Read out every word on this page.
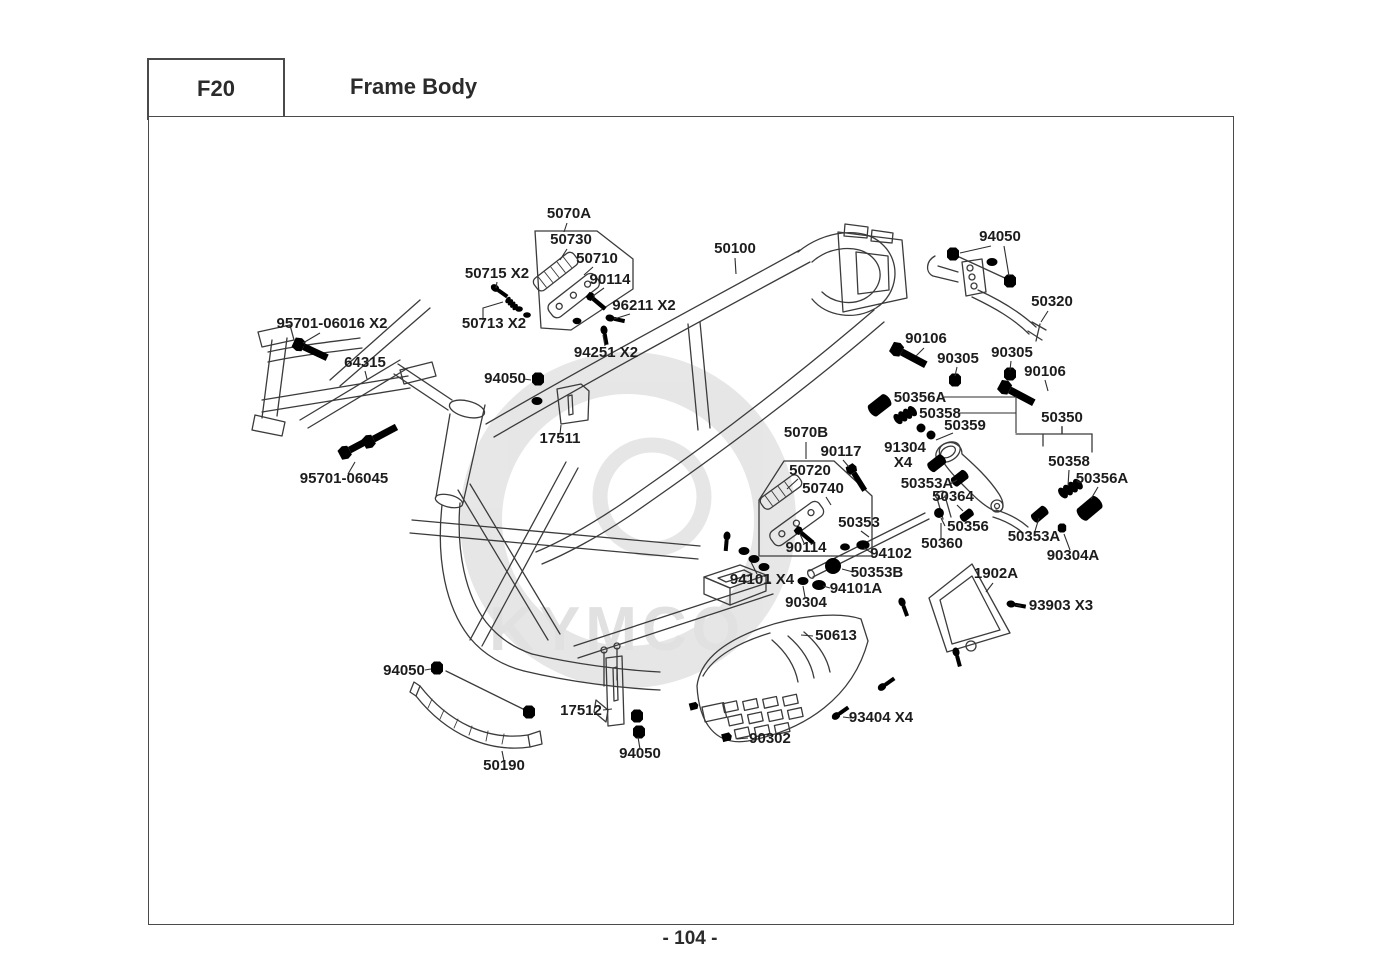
F20	Frame Body
KYMCO
5070A
50730
50710
90114
50715 X2
50713 X2
96211 X2
94251 X2
50100
94050
50320
90106
90305 90305
90106
95701-06016 X2
64315
94050
17511
95701-06045
50356A
50358
50359	50350
91304
X4
5070B
90117
50720
50740	50353A
50364
50358
50356A
50353	50356
50360	50353A
90304A
94102
50353B
94101A
94101 X4
90304
1902A
93903 X3
50613
90114
94050
17512
94050
50190
93404 X4
90302
- 104 -
